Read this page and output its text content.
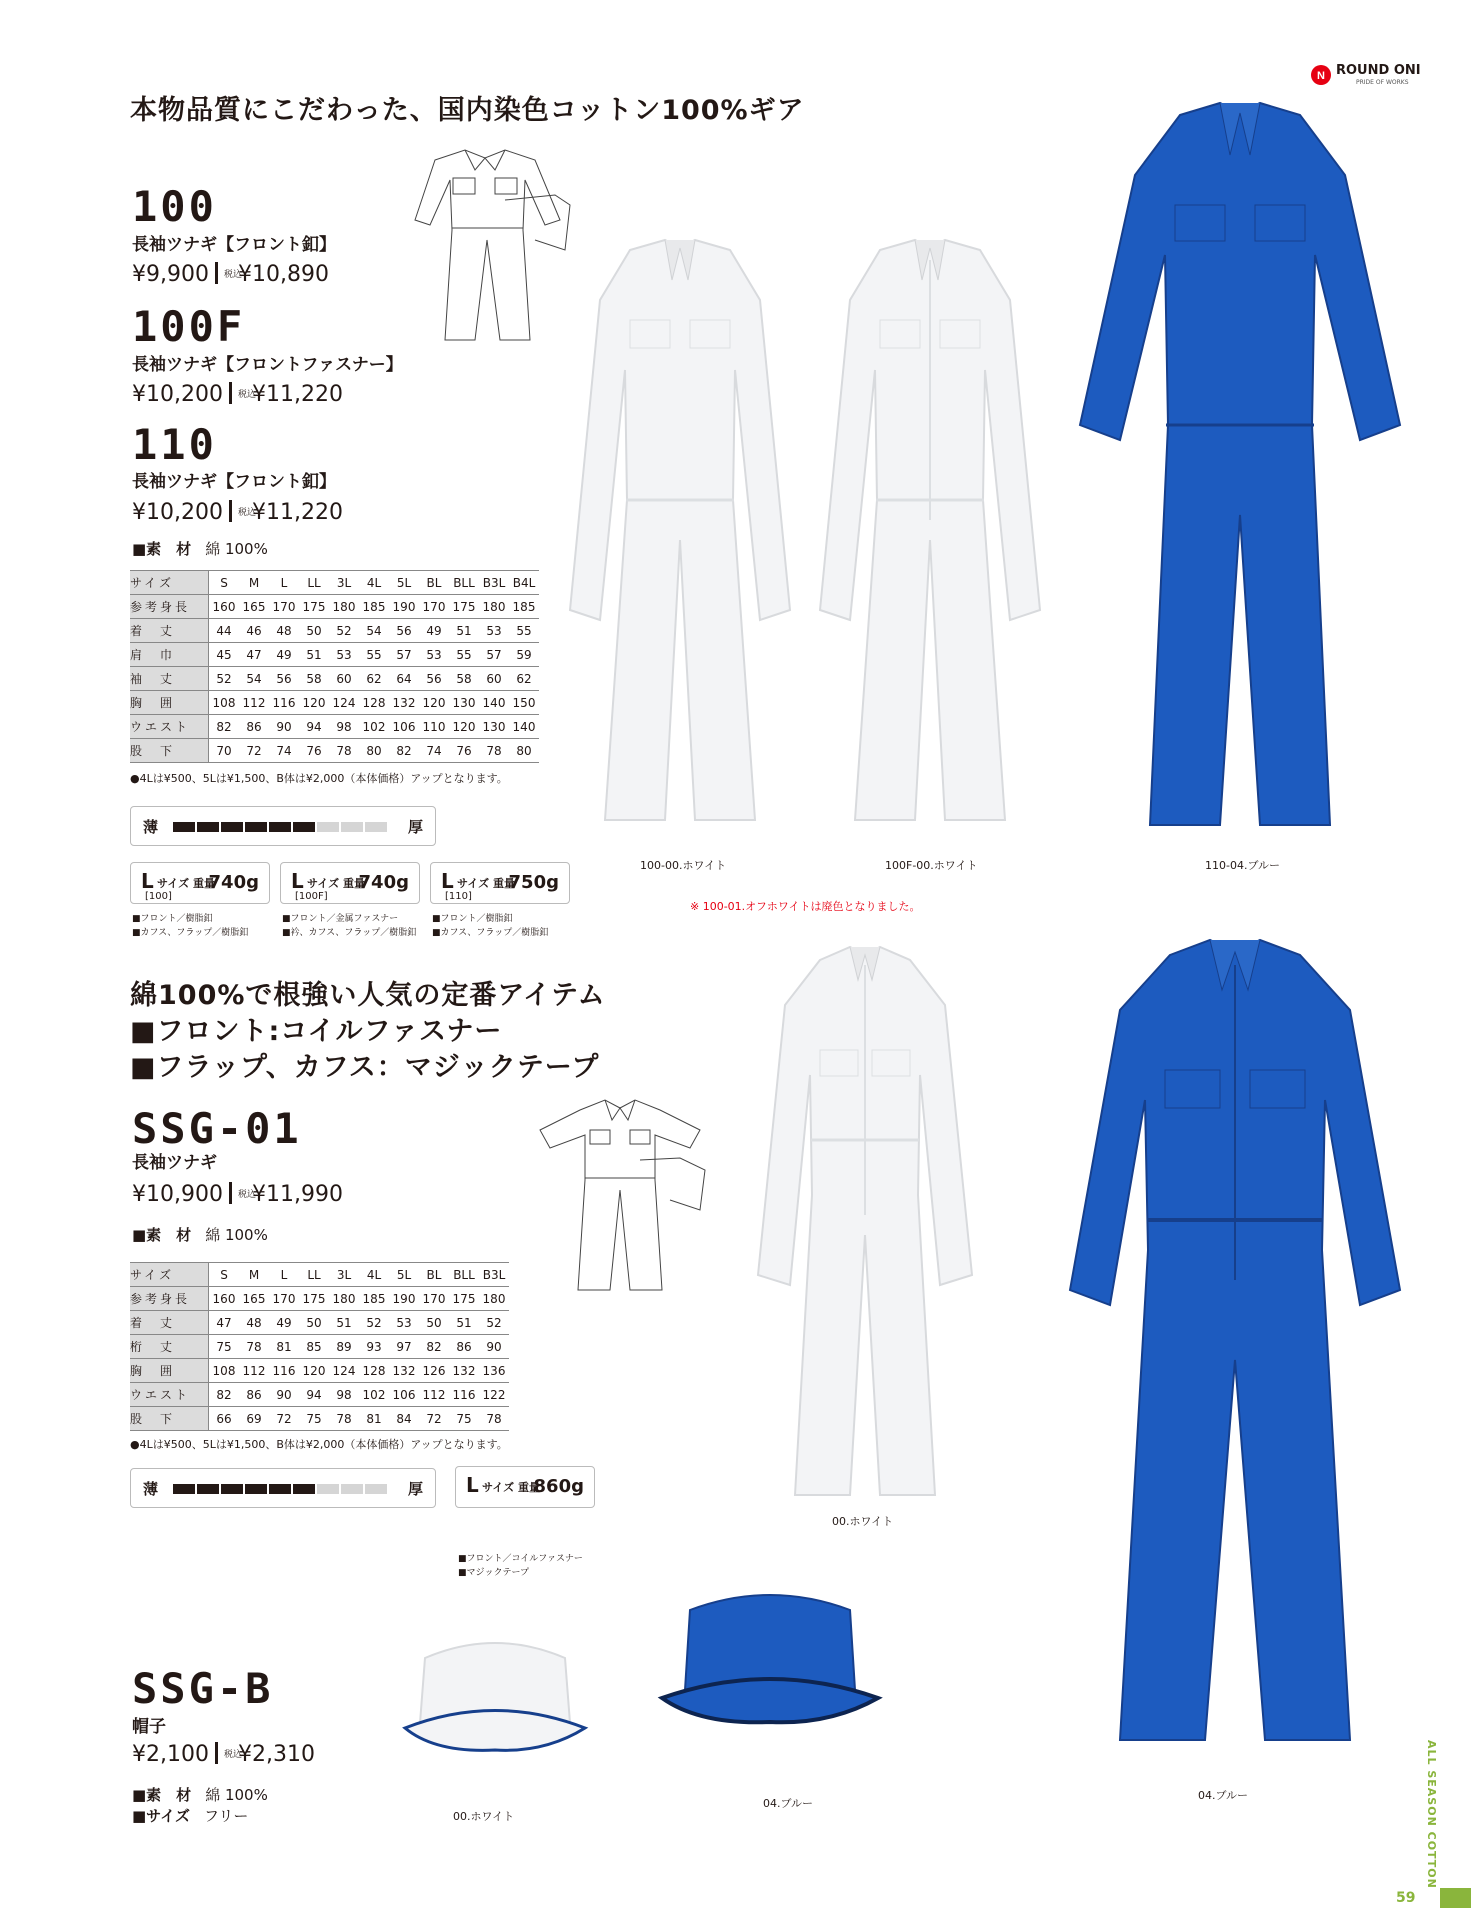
N ROUND ONI
PRIDE OF WORKS
本物品質にこだわった、国内染色コットン100%ギア
100
長袖ツナギ【フロント釦】
¥9,900 税込¥10,890
100F
長袖ツナギ【フロントファスナー】
¥10,200 税込¥11,220
110
長袖ツナギ【フロント釦】
¥10,200 税込¥11,220
■素　材 綿 100%
サイズ	S	M	L	LL	3L	4L	5L	BL	BLL	B3L	B4L
参考身長	160	165	170	175	180	185	190	170	175	180	185
着　丈	44	46	48	50	52	54	56	49	51	53	55
肩　巾	45	47	49	51	53	55	57	53	55	57	59
袖　丈	52	54	56	58	60	62	64	56	58	60	62
胸　囲	108	112	116	120	124	128	132	120	130	140	150
ウエスト	82	86	90	94	98	102	106	110	120	130	140
股　下	70	72	74	76	78	80	82	74	76	78	80
●4Lは¥500、5Lは¥1,500、B体は¥2,000（本体価格）アップとなります。
薄	厚
L サイズ 重量
740g
[100]
L サイズ 重量
740g
[100F]
L サイズ 重量
750g
[110]
■フロント／樹脂釦
■カフス、フラップ／樹脂釦
■フロント／金属ファスナー
■衿、カフス、フラップ／樹脂釦
■フロント／樹脂釦
■カフス、フラップ／樹脂釦
100-00.ホワイト	100F-00.ホワイト	110-04.ブルー
※ 100-01.オフホワイトは廃色となりました。
綿100%で根強い人気の定番アイテム
■フロント:コイルファスナー
■フラップ、カフス：マジックテープ
SSG-01
長袖ツナギ
¥10,900 税込¥11,990
■素　材 綿 100%
サイズ	S	M	L	LL	3L	4L	5L	BL	BLL	B3L
参考身長	160	165	170	175	180	185	190	170	175	180
着　丈	47	48	49	50	51	52	53	50	51	52
桁　丈	75	78	81	85	89	93	97	82	86	90
胸　囲	108	112	116	120	124	128	132	126	132	136
ウエスト	82	86	90	94	98	102	106	112	116	122
股　下	66	69	72	75	78	81	84	72	75	78
●4Lは¥500、5Lは¥1,500、B体は¥2,000（本体価格）アップとなります。
薄	厚 L サイズ 重量
860g
■フロント／コイルファスナー
■マジックテープ
00.ホワイト
04.ブルー
SSG-B
帽子
¥2,100 税込¥2,310
■素　材 綿 100%
■サイズ フリー	00.ホワイト
04.ブルー	ALL SEASON COTTON
59
